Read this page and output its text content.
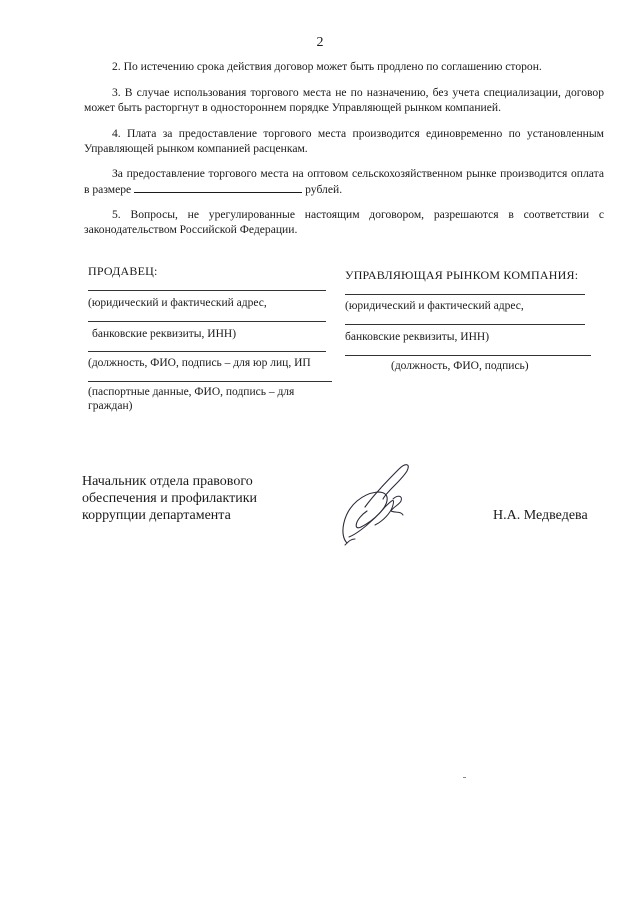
2
2. По истечению срока действия договор может быть продлено по соглашению сторон.
3. В случае использования торгового места не по назначению, без учета специализации, договор может быть расторгнут в одностороннем порядке Управляющей рынком компанией.
4. Плата за предоставление торгового места производится единовременно по установленным Управляющей рынком компанией расценкам.
За предоставление торгового места на оптовом сельскохозяйственном рынке производится оплата в размере	рублей.
5. Вопросы, не урегулированные настоящим договором, разрешаются в соответствии с законодательством Российской Федерации.
ПРОДАВЕЦ:
(юридический и фактический адрес,
банковские реквизиты, ИНН)
(должность, ФИО, подпись – для юр лиц, ИП
(паспортные данные, ФИО, подпись – для граждан)
УПРАВЛЯЮЩАЯ РЫНКОМ КОМПАНИЯ:
(юридический и фактический адрес,
банковские реквизиты, ИНН)
(должность, ФИО, подпись)
Начальник отдела правового
обеспечения и профилактики
коррупции департамента	Н.А. Медведева
